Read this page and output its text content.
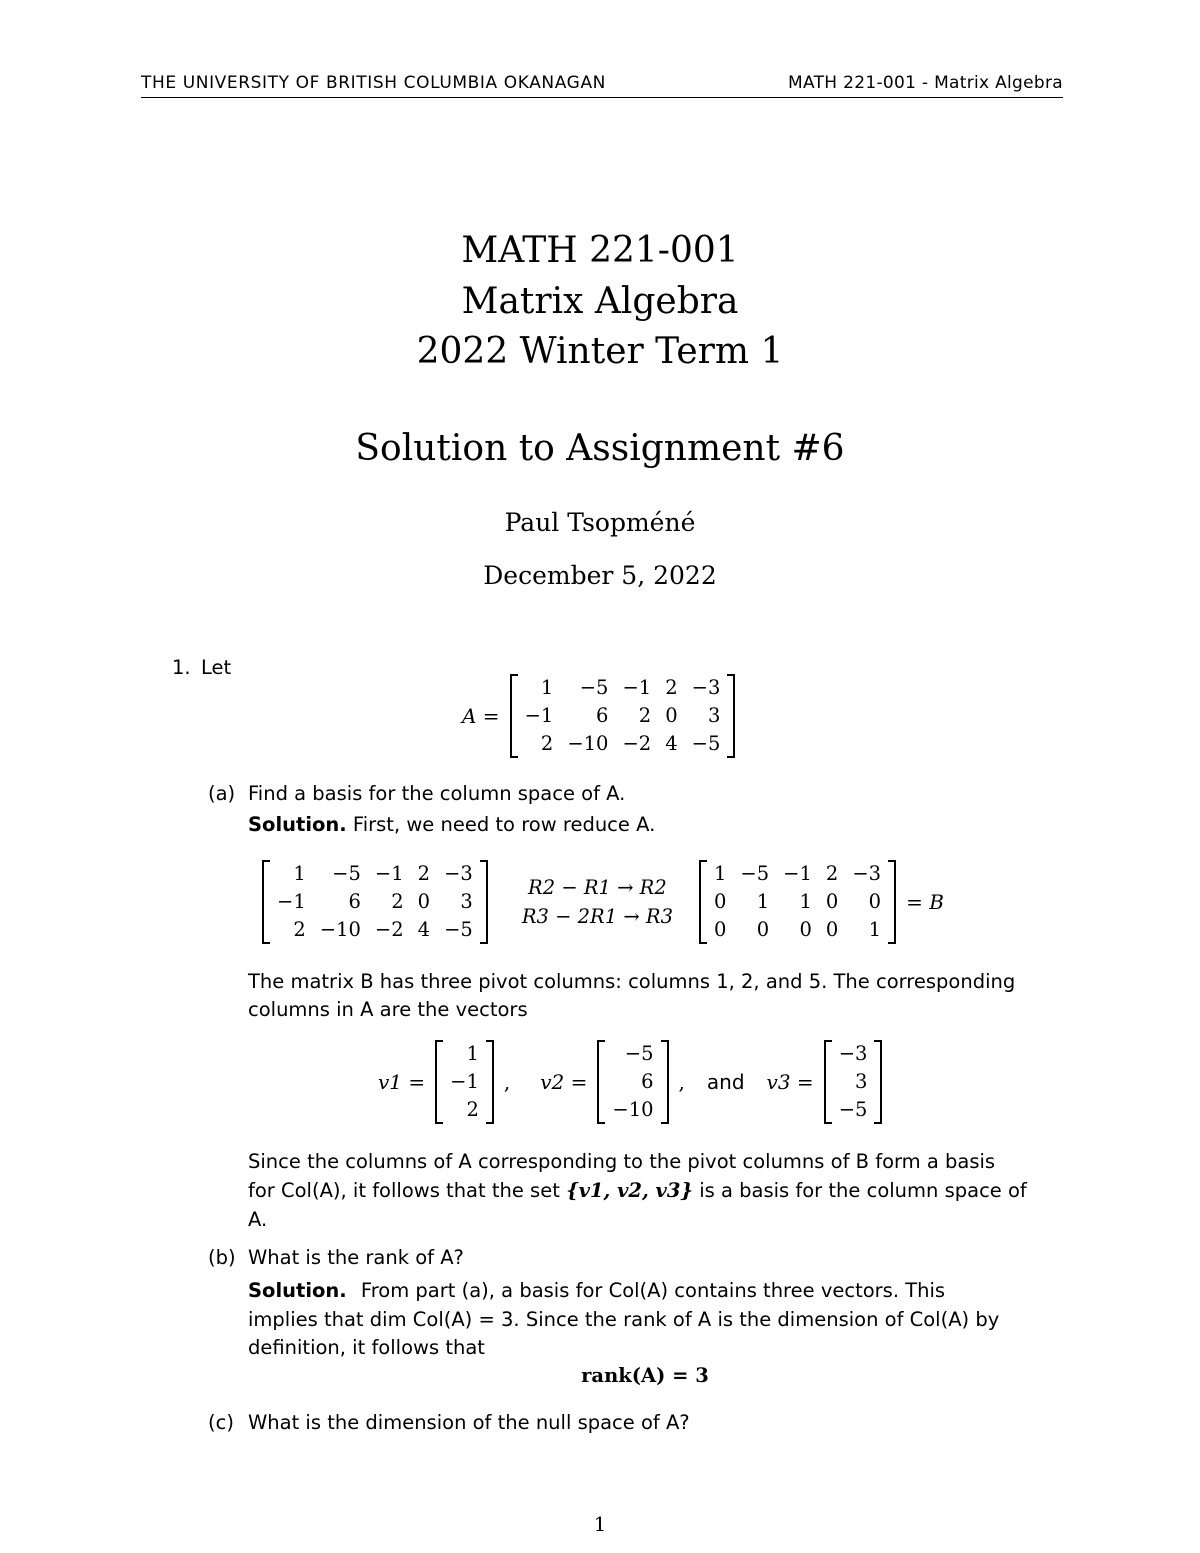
THE UNIVERSITY OF BRITISH COLUMBIA OKANAGAN	MATH 221-001 - Matrix Algebra
MATH 221-001
Matrix Algebra
2022 Winter Term 1
Solution to Assignment #6
Paul Tsopméné
December 5, 2022
1. Let
A =
1	−5	−1	2	−3
−1	6	2	0	3
2	−10	−2	4	−5
(a) Find a basis for the column space of A.
Solution. First, we need to row reduce A.
1	−5	−1	2	−3
−1	6	2	0	3
2	−10	−2	4	−5
R2 − R1 → R2
R3 − 2R1 → R3
1	−5	−1	2	−3
0	1	1	0	0
0	0	0	0	1
= B
The matrix B has three pivot columns: columns 1, 2, and 5. The corresponding
columns in A are the vectors
v1 =
1
−1
2
, v2 =
−5
6
−10
, and v3 =
−3
3
−5
Since the columns of A corresponding to the pivot columns of B form a basis
for Col(A), it follows that the set {v1, v2, v3} is a basis for the column space of
A.
(b) What is the rank of A?
Solution. From part (a), a basis for Col(A) contains three vectors. This
implies that dim Col(A) = 3. Since the rank of A is the dimension of Col(A) by
definition, it follows that
rank(A) = 3
(c) What is the dimension of the null space of A?
1
